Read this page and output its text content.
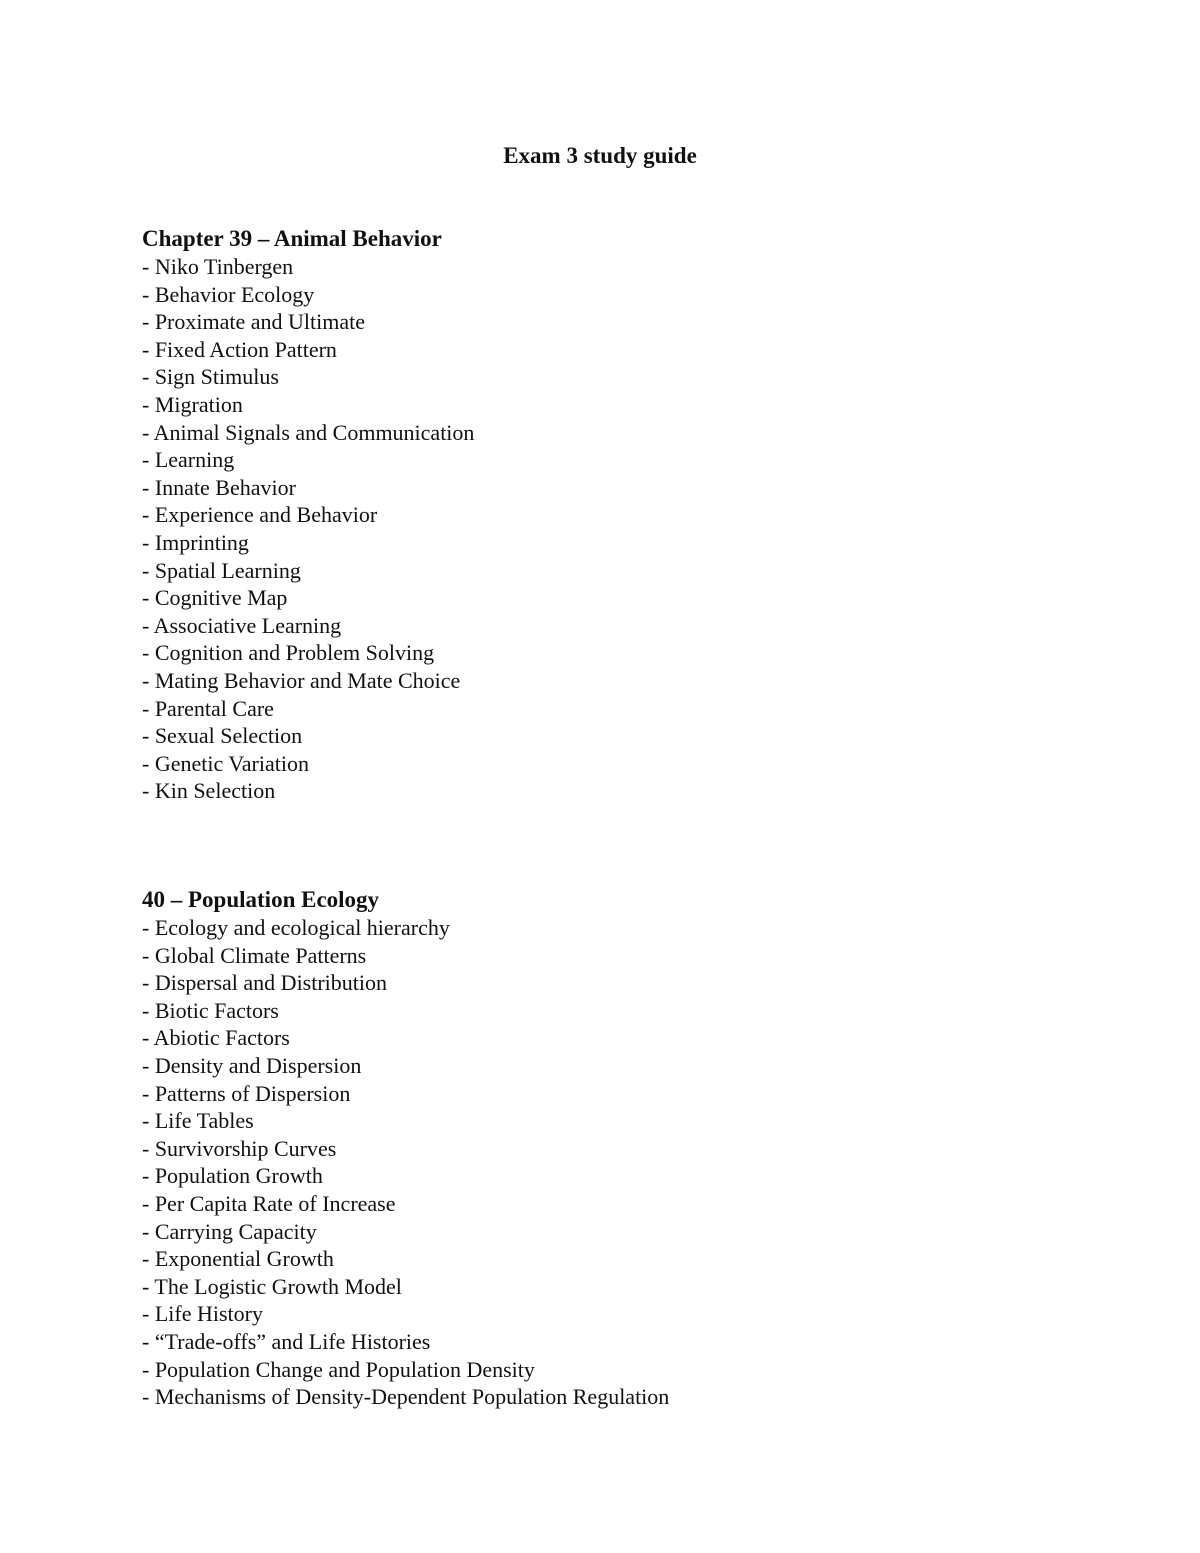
Exam 3 study guide
Chapter 39 – Animal Behavior
- Niko Tinbergen
- Behavior Ecology
- Proximate and Ultimate
- Fixed Action Pattern
- Sign Stimulus
- Migration
- Animal Signals and Communication
- Learning
- Innate Behavior
- Experience and Behavior
- Imprinting
- Spatial Learning
- Cognitive Map
- Associative Learning
- Cognition and Problem Solving
- Mating Behavior and Mate Choice
- Parental Care
- Sexual Selection
- Genetic Variation
- Kin Selection
40 – Population Ecology
- Ecology and ecological hierarchy
- Global Climate Patterns
- Dispersal and Distribution
- Biotic Factors
- Abiotic Factors
- Density and Dispersion
- Patterns of Dispersion
- Life Tables
- Survivorship Curves
- Population Growth
- Per Capita Rate of Increase
- Carrying Capacity
- Exponential Growth
- The Logistic Growth Model
- Life History
- “Trade-offs” and Life Histories
- Population Change and Population Density
- Mechanisms of Density-Dependent Population Regulation
